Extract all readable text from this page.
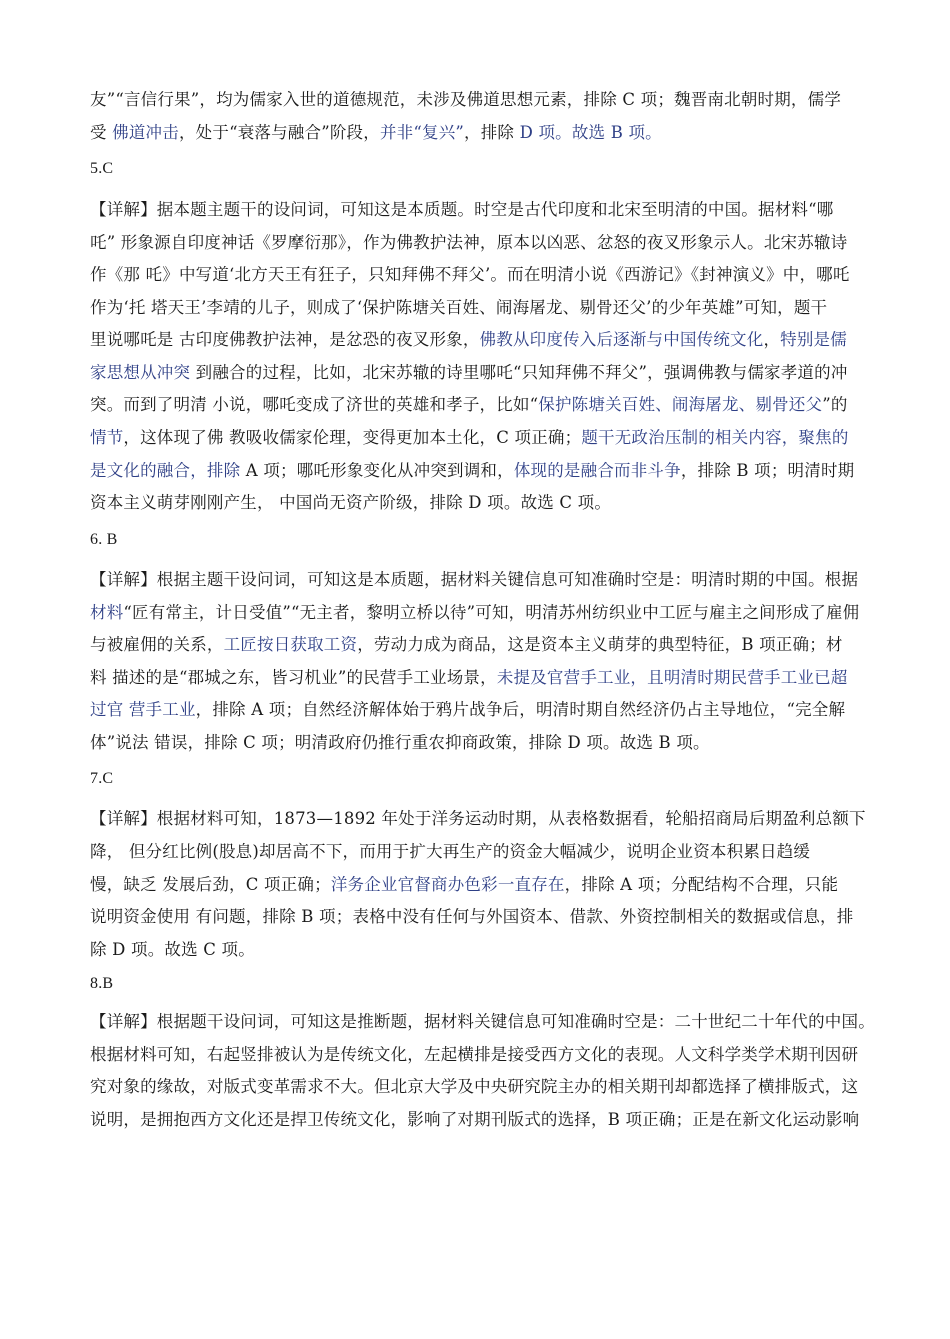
友”“言信行果”，均为儒家入世的道德规范，未涉及佛道思想元素，排除 C 项；魏晋南北朝时期，儒学
受 佛道冲击，处于“衰落与融合”阶段，并非“复兴”，排除 D 项。故选 B 项。
5.C
【详解】据本题主题干的设问词，可知这是本质题。时空是古代印度和北宋至明清的中国。据材料“哪
吒” 形象源自印度神话《罗摩衍那》，作为佛教护法神，原本以凶恶、忿怒的夜叉形象示人。北宋苏辙诗
作《那 吒》中写道‘北方天王有狂子，只知拜佛不拜父’。而在明清小说《西游记》《封神演义》中，哪吒
作为‘托 塔天王’李靖的儿子，则成了‘保护陈塘关百姓、闹海屠龙、剔骨还父’的少年英雄”可知，题干
里说哪吒是 古印度佛教护法神，是忿恐的夜叉形象，佛教从印度传入后逐渐与中国传统文化，特别是儒
家思想从冲突 到融合的过程，比如，北宋苏辙的诗里哪吒“只知拜佛不拜父”，强调佛教与儒家孝道的冲
突。而到了明清 小说，哪吒变成了济世的英雄和孝子，比如“保护陈塘关百姓、闹海屠龙、剔骨还父”的
情节，这体现了佛 教吸收儒家伦理，变得更加本土化，C 项正确；题干无政治压制的相关内容，聚焦的
是文化的融合，排除 A 项；哪吒形象变化从冲突到调和，体现的是融合而非斗争，排除 B 项；明清时期
资本主义萌芽刚刚产生， 中国尚无资产阶级，排除 D 项。故选 C 项。
6. B
【详解】根据主题干设问词，可知这是本质题，据材料关键信息可知准确时空是：明清时期的中国。根据
材料“匠有常主，计日受值”“无主者，黎明立桥以待”可知，明清苏州纺织业中工匠与雇主之间形成了雇佣
与被雇佣的关系，工匠按日获取工资，劳动力成为商品，这是资本主义萌芽的典型特征，B 项正确；材
料 描述的是“郡城之东，皆习机业”的民营手工业场景，未提及官营手工业，且明清时期民营手工业已超
过官 营手工业，排除 A 项；自然经济解体始于鸦片战争后，明清时期自然经济仍占主导地位，“完全解
体”说法 错误，排除 C 项；明清政府仍推行重农抑商政策，排除 D 项。故选 B 项。
7.C
【详解】根据材料可知，1873—1892 年处于洋务运动时期，从表格数据看，轮船招商局后期盈利总额下
降， 但分红比例(股息)却居高不下，而用于扩大再生产的资金大幅减少，说明企业资本积累日趋缓
慢，缺乏 发展后劲，C 项正确；洋务企业官督商办色彩一直存在，排除 A 项；分配结构不合理，只能
说明资金使用 有问题，排除 B 项；表格中没有任何与外国资本、借款、外资控制相关的数据或信息，排
除 D 项。故选 C 项。
8.B
【详解】根据题干设问词，可知这是推断题，据材料关键信息可知准确时空是：二十世纪二十年代的中国。
根据材料可知，右起竖排被认为是传统文化，左起横排是接受西方文化的表现。人文科学类学术期刊因研
究对象的缘故，对版式变革需求不大。但北京大学及中央研究院主办的相关期刊却都选择了横排版式，这
说明，是拥抱西方文化还是捍卫传统文化，影响了对期刊版式的选择，B 项正确；正是在新文化运动影响
